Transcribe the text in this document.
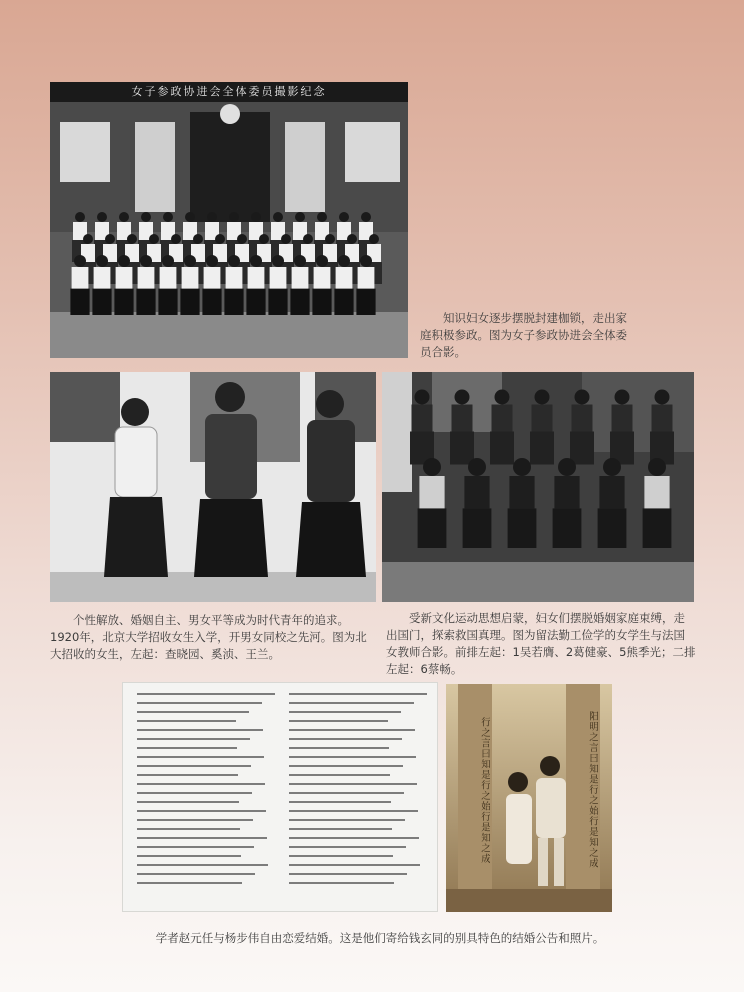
女子参政协进会全体委员撮影纪念

知识妇女逐步摆脱封建枷锁，走出家庭积极参政。图为女子参政协进会全体委员合影。

个性解放、婚姻自主、男女平等成为时代青年的追求。1920年，北京大学招收女生入学，开男女同校之先河。图为北大招收的女生，左起：查晓园、奚浈、王兰。

受新文化运动思想启蒙，妇女们摆脱婚姻家庭束缚，走出国门，探索救国真理。图为留法勤工俭学的女学生与法国女教师合影。前排左起：1吴若膺、2葛健豪、5熊季光；二排左起：6蔡畅。

行之言曰知是行之始行是知之成	阳明之言曰知是行之始行是知之成

学者赵元任与杨步伟自由恋爱结婚。这是他们寄给钱玄同的别具特色的结婚公告和照片。
